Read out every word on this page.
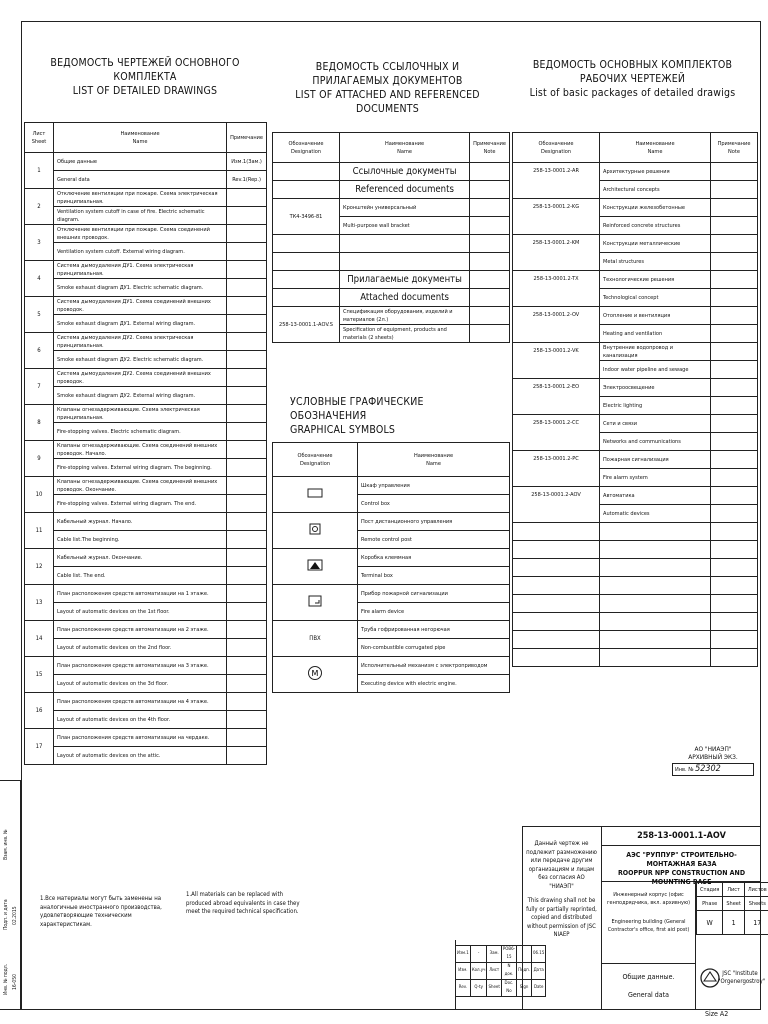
ВЕДОМОСТЬ ЧЕРТЕЖЕЙ ОСНОВНОГО КОМПЛЕКТА
LIST OF DETAILED DRAWINGS
Лист
Sheet	Наименование
Name	Примечание
1	Общие данные	Изм.1(Зам.)
	General data	Rev.1(Rep.)
2	Отключение вентиляции при пожаре. Схема электрическая принципиальная.	
	Ventilation system cutoff in case of fire. Electric schematic diagram.	
3	Отключение вентиляции при пожаре. Схема соединений внешних проводок.	
	Ventilation system cutoff. External wiring diagram.	
4	Система дымоудаления ДУ1. Схема электрическая принципиальная.	
	Smoke exhaust diagram ДУ1. Electric schematic diagram.	
5	Система дымоудаления ДУ1. Схема соединений внешних проводок.	
	Smoke exhaust diagram ДУ1. External wiring diagram.	
6	Система дымоудаления ДУ2. Схема электрическая принципиальная.	
	Smoke exhaust diagram ДУ2. Electric schematic diagram.	
7	Система дымоудаления ДУ2. Схема соединений внешних проводок.	
	Smoke exhaust diagram ДУ2. External wiring diagram.	
8	Клапаны огнезадерживающие. Схема электрическая принципиальная.	
	Fire-stopping valves. Electric schematic diagram.	
9	Клапаны огнезадерживающие. Схема соединений внешних проводок. Начало.	
	Fire-stopping valves. External wiring diagram. The beginning.	
10	Клапаны огнезадерживающие. Схема соединений внешних проводок. Окончание.	
	Fire-stopping valves. External wiring diagram. The end.	
11	Кабельный журнал. Начало.	
	Cable list.The beginning.	
12	Кабельный журнал. Окончание.	
	Cable list. The end.	
13	План расположения средств автоматизации на 1 этаже.	
	Layout of automatic devices on the 1st floor.	
14	План расположения средств автоматизации на 2 этаже.	
	Layout of automatic devices on the 2nd floor.	
15	План расположения средств автоматизации на 3 этаже.	
	Layout of automatic devices on the 3d floor.	
16	План расположения средств автоматизации на 4 этаже.	
	Layout of automatic devices on the 4th floor.	
17	План расположения средств автоматизации на чердаке.	
	Layout of automatic devices on the attic.	
ВЕДОМОСТЬ ССЫЛОЧНЫХ И ПРИЛАГАЕМЫХ ДОКУМЕНТОВ
LIST OF ATTACHED AND REFERENCED DOCUMENTS
Обозначение
Designation	Наименование
Name	Примечание
Note
	Ссылочные документы	
	Referenced documents	
ТК4-3496-81	Кронштейн универсальный	
	Multi-purpose wall bracket	

	Прилагаемые документы	
	Attached documents	
258-13-0001.1-АОV.S	Спецификация оборудования, изделий и материалов (2л.)	
	Specification of equipment, products and materials (2 sheets)	
УСЛОВНЫЕ ГРАФИЧЕСКИЕ ОБОЗНАЧЕНИЯ
GRAPHICAL SYMBOLS
Обозначение
Designation	Наименование
Name
	Шкаф управления
	Control box
	Пост дистанционного управления
	Remote control post
	Коробка клеммная
	Terminal box
	Прибор пожарной сигнализации
	Fire alarm device
ПВХ	Труба гофрированная негорючая
	Non-combustible corrugated pipe

M	Исполнительный механизм с электроприводом
	Executing device with electric engine.
ВЕДОМОСТЬ ОСНОВНЫХ КОМПЛЕКТОВ РАБОЧИХ ЧЕРТЕЖЕЙ
List of basic packages of detailed drawigs
Обозначение
Designation	Наименование
Name	Примечание
Note
258-13-0001.2-AR	Архитектурные решения	
	Architectural concepts	
258-13-0001.2-KG	Конструкции железобетонные	
	Reinforced concrete structures	
258-13-0001.2-KM	Конструкции металлические	
	Metal structures	
258-13-0001.2-TX	Технологические решения	
	Technological concept	
258-13-0001.2-OV	Отопление и вентиляция	
	Heating and ventilation	
258-13-0001.2-VK	Внутренние водопровод и канализация	
	Indoor water pipeline and sewage	
258-13-0001.2-EO	Электроосвещение	
	Electric lighting	
258-13-0001.2-CC	Сети и связи	
	Networks and communications	
258-13-0001.2-PC	Пожарная сигнализация	
	Fire alarm system	
258-13-0001.2-AOV	Автоматика	
	Automatic devices	

АО "НИАЭП"
АРХИВНЫЙ ЭКЗ.
Инв. № 52302
1.Все материалы могут быть заменены на аналогичные иностранного производства, удовлетворяющие техническим характеристикам.
1.All materials can be replaced with produced abroad equivalents in case they meet the required technical specification.
Взам. инв. №
Подп. и дата
Инв. № подл.
02.2015
16-050
Данный чертеж не подлежит размножению или передаче другим организациям и лицам без согласия АО "НИАЭП"
This drawing shall not be fully or partially reprinted, copied and distributed without permission of JSC NIAEP
258-13-0001.1-AOV
АЭС "РУППУР" СТРОИТЕЛЬНО-МОНТАЖНАЯ БАЗА
ROOPPUR NPP CONSTRUCTION AND MOUNTING BASE
Инженерный корпус (офис генподрядчика, вкл. архивную)
Engineering building (General Contractor's office, first aid post)
Стадия	Лист	Листов
Phase	Sheet	Sheets
W	1	17
Общие данные.
General data
JSC "Institute "Orgenergostroy"
Изм.1	-	Зам.	РОВ6-15		06.15
Изм.	Кол.уч	Лист	N док.	Подп.	Дата
Rev.	Q-ty	Sheet	Doc. No	Sign	Date
Size A2
